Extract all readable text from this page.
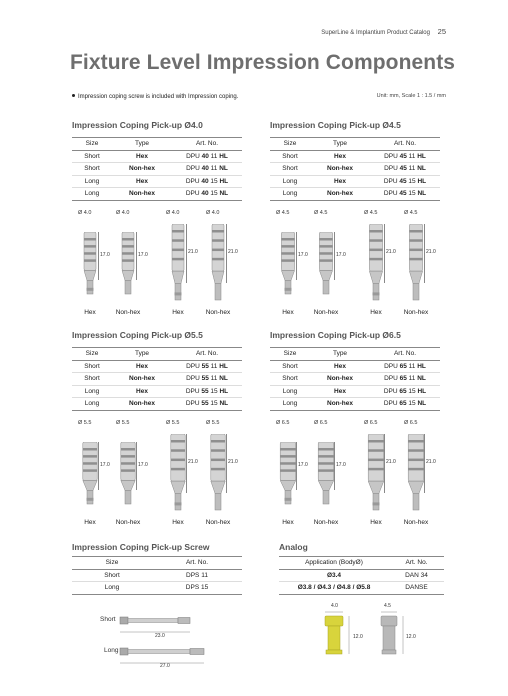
SuperLine & Implantium Product Catalog 25
Fixture Level Impression Components
Impression coping screw is included with Impression coping.	Unit: mm, Scale 1 : 1.5 / mm
Impression Coping Pick-up Ø4.0
Size	Type	Art. No.
Short	Hex	DPU 40 11 HL
Short	Non-hex	DPU 40 11 NL
Long	Hex	DPU 40 15 HL
Long	Non-hex	DPU 40 15 NL
Ø 4.0
17.0
Hex
Ø 4.0
17.0
Non-hex
Ø 4.0
21.0
Hex
Ø 4.0
21.0
Non-hex
Impression Coping Pick-up Ø4.5
Size	Type	Art. No.
Short	Hex	DPU 45 11 HL
Short	Non-hex	DPU 45 11 NL
Long	Hex	DPU 45 15 HL
Long	Non-hex	DPU 45 15 NL
Ø 4.5
17.0
Hex
Ø 4.5
17.0
Non-hex
Ø 4.5
21.0
Hex
Ø 4.5
21.0
Non-hex
Impression Coping Pick-up Ø5.5
Size	Type	Art. No.
Short	Hex	DPU 55 11 HL
Short	Non-hex	DPU 55 11 NL
Long	Hex	DPU 55 15 HL
Long	Non-hex	DPU 55 15 NL
Ø 5.5
17.0
Hex
Ø 5.5
17.0
Non-hex
Ø 5.5
21.0
Hex
Ø 5.5
21.0
Non-hex
Impression Coping Pick-up Ø6.5
Size	Type	Art. No.
Short	Hex	DPU 65 11 HL
Short	Non-hex	DPU 65 11 NL
Long	Hex	DPU 65 15 HL
Long	Non-hex	DPU 65 15 NL
Ø 6.5
17.0
Hex
Ø 6.5
17.0
Non-hex
Ø 6.5
21.0
Hex
Ø 6.5
21.0
Non-hex
Impression Coping Pick-up Screw
Size	Art. No.
Short	DPS 11
Long	DPS 15
Short
23.0
Long
27.0
Analog
Application (BodyØ)	Art. No.
Ø3.4	DAN 34
Ø3.8 / Ø4.3 / Ø4.8 / Ø5.8	DANSE
4.0	4.5
12.0	12.0
